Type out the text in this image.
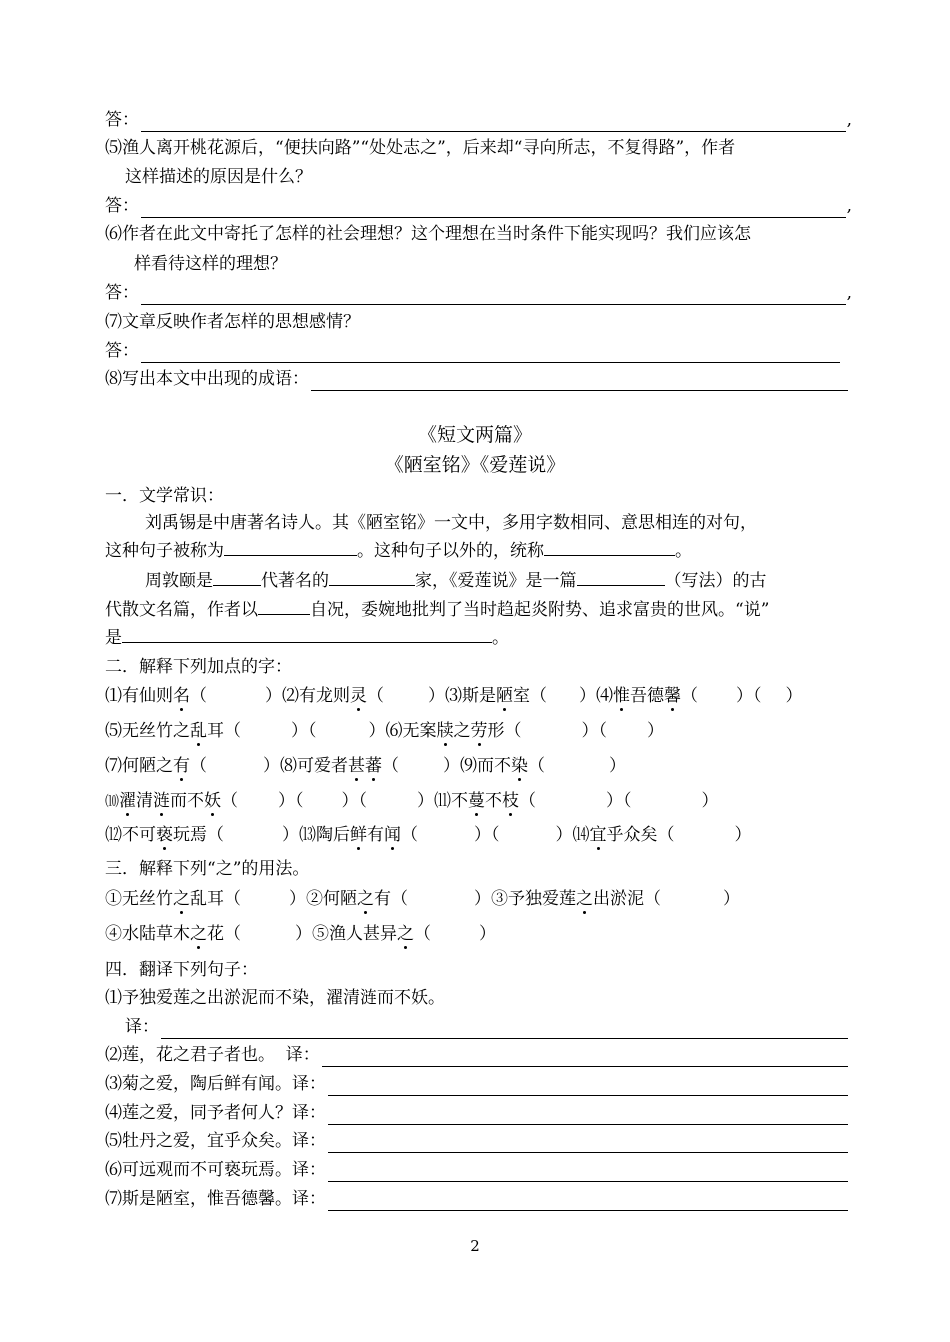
答：	,
⑸渔人离开桃花源后，“便扶向路”“处处志之”，后来却“寻向所志，不复得路”，作者
这样描述的原因是什么？
答：	,
⑹作者在此文中寄托了怎样的社会理想？这个理想在当时条件下能实现吗？我们应该怎
样看待这样的理想？
答：	,
⑺文章反映作者怎样的思想感情？
答：
⑻写出本文中出现的成语：
《短文两篇》
《陋室铭》《爱莲说》
一．文学常识：
刘禹锡是中唐著名诗人。其《陋室铭》一文中，多用字数相同、意思相连的对句，
这种句子被称为	。这种句子以外的，统称	。
周敦颐是	代著名的	家，《爱莲说》是一篇	（写法）的古
代散文名篇，作者以	自况，委婉地批判了当时趋起炎附势、追求富贵的世风。“说”
是	。
二．解释下列加点的字：
⑴有仙则名（	）⑵有龙则灵（	）⑶斯是陋室（ ）⑷惟吾德馨（ ）（ ）
⑸无丝竹之乱耳（	）（	）⑹无案牍之劳形（	）（ ）
⑺何陋之有（	）⑻可爱者甚蕃（	）⑼而不染（	）
⑽濯清涟而不妖（ ）（ ）（	）⑾不蔓不枝（	）（	）
⑿不可亵玩焉（	）⒀陶后鲜有闻（	）（	）⒁宜乎众矣（	）
三．解释下列“之”的用法。
①无丝竹之乱耳（	）②何陋之有（	）③予独爱莲之出淤泥（	）
④水陆草木之花（	）⑤渔人甚异之（	）
四．翻译下列句子：
⑴予独爱莲之出淤泥而不染，濯清涟而不妖。
译：
⑵莲，花之君子者也。  译：
⑶菊之爱，陶后鲜有闻。译：
⑷莲之爱，同予者何人？译：
⑸牡丹之爱，宜乎众矣。译：
⑹可远观而不可亵玩焉。译：
⑺斯是陋室，惟吾德馨。译：
2
